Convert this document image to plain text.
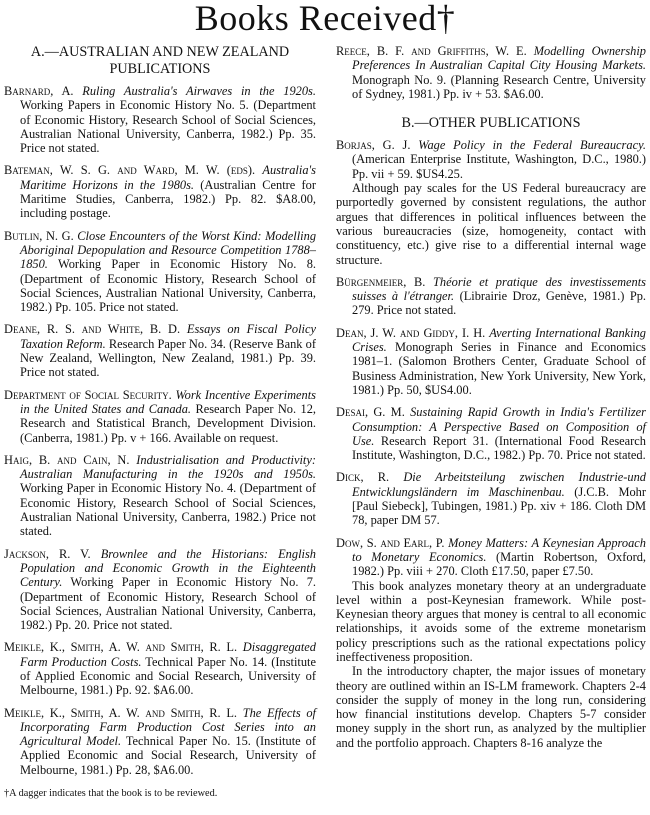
Books Received†
A.—AUSTRALIAN AND NEW ZEALAND PUBLICATIONS

Barnard, A. Ruling Australia's Airwaves in the 1920s. Working Papers in Economic History No. 5. (Department of Economic History, Research School of Social Sciences, Australian National University, Canberra, 1982.) Pp. 35. Price not stated.

Bateman, W. S. G. and Ward, M. W. (eds). Australia's Maritime Horizons in the 1980s. (Australian Centre for Maritime Studies, Canberra, 1982.) Pp. 82. $A8.00, including postage.

Butlin, N. G. Close Encounters of the Worst Kind: Modelling Aboriginal Depopulation and Resource Competition 1788–1850. Working Paper in Economic History No. 8. (Department of Economic History, Research School of Social Sciences, Australian National University, Canberra, 1982.) Pp. 105. Price not stated.

Deane, R. S. and White, B. D. Essays on Fiscal Policy Taxation Reform. Research Paper No. 34. (Reserve Bank of New Zealand, Wellington, New Zealand, 1981.) Pp. 39. Price not stated.

Department of Social Security. Work Incentive Experiments in the United States and Canada. Research Paper No. 12, Research and Statistical Branch, Development Division. (Canberra, 1981.) Pp. v + 166. Available on request.

Haig, B. and Cain, N. Industrialisation and Productivity: Australian Manufacturing in the 1920s and 1950s. Working Paper in Economic History No. 4. (Department of Economic History, Research School of Social Sciences, Australian National University, Canberra, 1982.) Price not stated.

Jackson, R. V. Brownlee and the Historians: English Population and Economic Growth in the Eighteenth Century. Working Paper in Economic History No. 7. (Department of Economic History, Research School of Social Sciences, Australian National University, Canberra, 1982.) Pp. 20. Price not stated.

Meikle, K., Smith, A. W. and Smith, R. L. Disaggregated Farm Production Costs. Technical Paper No. 14. (Institute of Applied Economic and Social Research, University of Melbourne, 1981.) Pp. 92. $A6.00.

Meikle, K., Smith, A. W. and Smith, R. L. The Effects of Incorporating Farm Production Cost Series into an Agricultural Model. Technical Paper No. 15. (Institute of Applied Economic and Social Research, University of Melbourne, 1981.) Pp. 28, $A6.00.

†A dagger indicates that the book is to be reviewed.

Reece, B. F. and Griffiths, W. E. Modelling Ownership Preferences In Australian Capital City Housing Markets. Monograph No. 9. (Planning Research Centre, University of Sydney, 1981.) Pp. iv + 53. $A6.00.

B.—OTHER PUBLICATIONS

Borjas, G. J. Wage Policy in the Federal Bureaucracy. (American Enterprise Institute, Washington, D.C., 1980.) Pp. vii + 59. $US4.25.

Although pay scales for the US Federal bureaucracy are purportedly governed by consistent regulations, the author argues that differences in political influences between the various bureaucracies (size, homogeneity, contact with constituency, etc.) give rise to a differential internal wage structure.

Bürgenmeier, B. Théorie et pratique des investissements suisses à l'étranger. (Librairie Droz, Genève, 1981.) Pp. 279. Price not stated.

Dean, J. W. and Giddy, I. H. Averting International Banking Crises. Monograph Series in Finance and Economics 1981–1. (Salomon Brothers Center, Graduate School of Business Administration, New York University, New York, 1981.) Pp. 50, $US4.00.

Desai, G. M. Sustaining Rapid Growth in India's Fertilizer Consumption: A Perspective Based on Composition of Use. Research Report 31. (International Food Research Institute, Washington, D.C., 1982.) Pp. 70. Price not stated.

Dick, R. Die Arbeitsteilung zwischen Industrie-und Entwicklungsländern im Maschinenbau. (J.C.B. Mohr [Paul Siebeck], Tubingen, 1981.) Pp. xiv + 186. Cloth DM 78, paper DM 57.

Dow, S. and Earl, P. Money Matters: A Keynesian Approach to Monetary Economics. (Martin Robertson, Oxford, 1982.) Pp. viii + 270. Cloth £17.50, paper £7.50.

This book analyzes monetary theory at an undergraduate level within a post-Keynesian framework. While post-Keynesian theory argues that money is central to all economic relationships, it avoids some of the extreme monetarism policy prescriptions such as the rational expectations policy ineffectiveness proposition.

In the introductory chapter, the major issues of monetary theory are outlined within an IS-LM framework. Chapters 2-4 consider the supply of money in the long run, considering how financial institutions develop. Chapters 5-7 consider money supply in the short run, as analyzed by the multiplier and the portfolio approach. Chapters 8-16 analyze the
